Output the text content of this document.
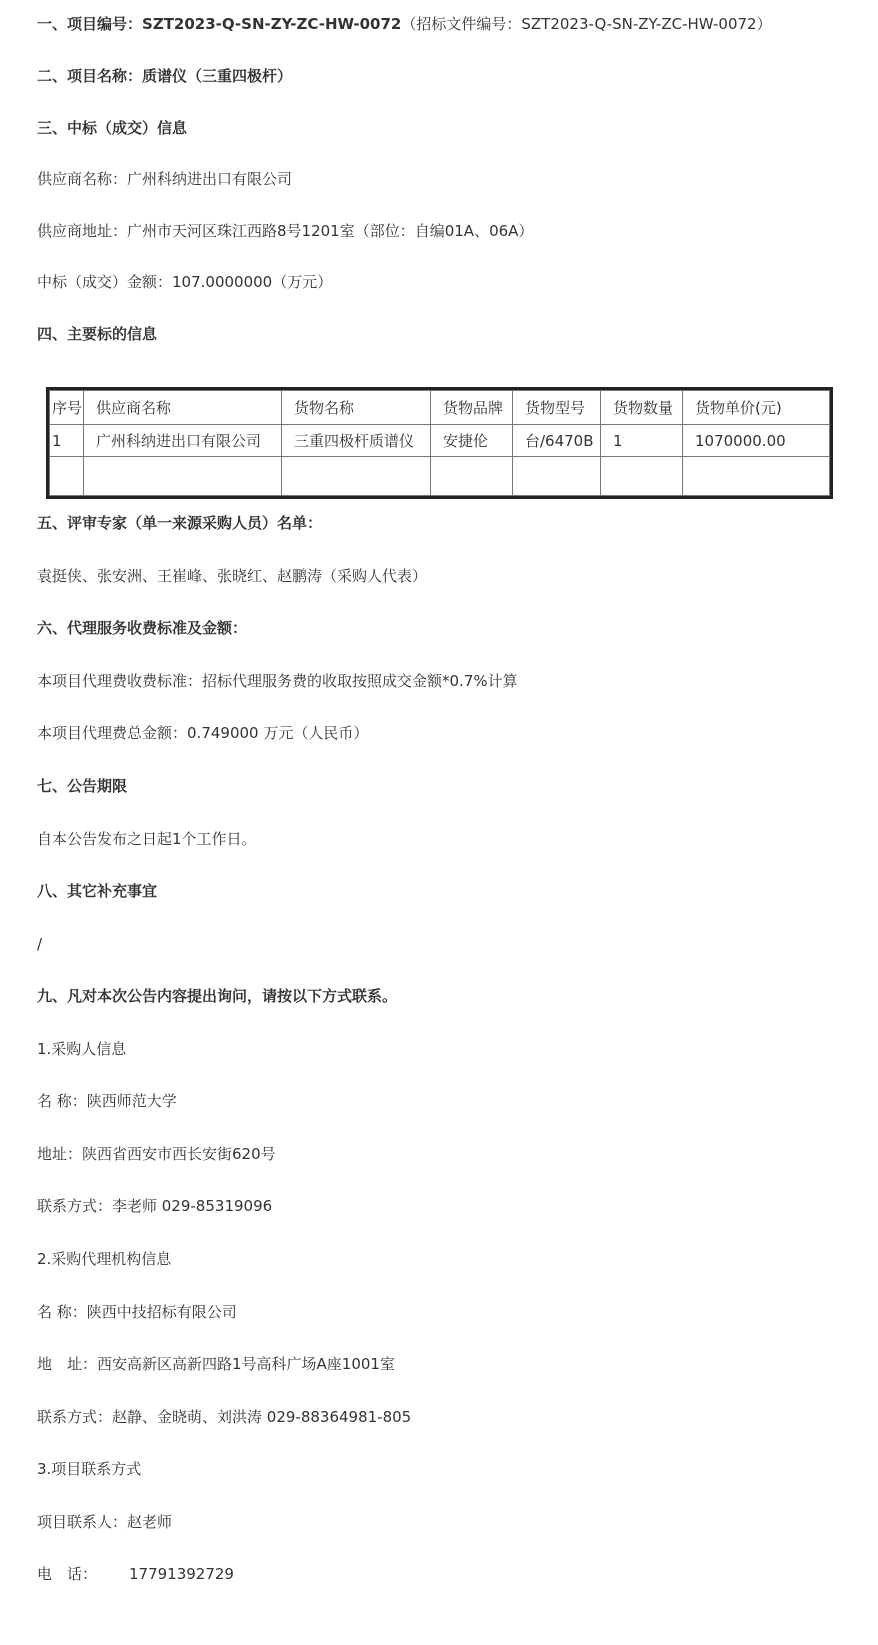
一、项目编号：SZT2023-Q-SN-ZY-ZC-HW-0072（招标文件编号：SZT2023-Q-SN-ZY-ZC-HW-0072）
二、项目名称：质谱仪（三重四极杆）
三、中标（成交）信息
供应商名称：广州科纳进出口有限公司
供应商地址：广州市天河区珠江西路8号1201室（部位：自编01A、06A）
中标（成交）金额：107.0000000（万元）
四、主要标的信息
序号	供应商名称	货物名称	货物品牌	货物型号	货物数量	货物单价(元)
1	广州科纳进出口有限公司	三重四极杆质谱仪	安捷伦	台/6470B	1	1070000.00

五、评审专家（单一来源采购人员）名单：
袁挺侠、张安洲、王崔峰、张晓红、赵鹏涛（采购人代表）
六、代理服务收费标准及金额：
本项目代理费收费标准：招标代理服务费的收取按照成交金额*0.7%计算
本项目代理费总金额：0.749000 万元（人民币）
七、公告期限
自本公告发布之日起1个工作日。
八、其它补充事宜
/
九、凡对本次公告内容提出询问，请按以下方式联系。
1.采购人信息
名 称：陕西师范大学
地址：陕西省西安市西长安街620号
联系方式：李老师 029-85319096
2.采购代理机构信息
名 称：陕西中技招标有限公司
地　址：西安高新区高新四路1号高科广场A座1001室
联系方式：赵静、金晓萌、刘洪涛 029-88364981-805
3.项目联系方式
项目联系人：赵老师
电　话： 17791392729
